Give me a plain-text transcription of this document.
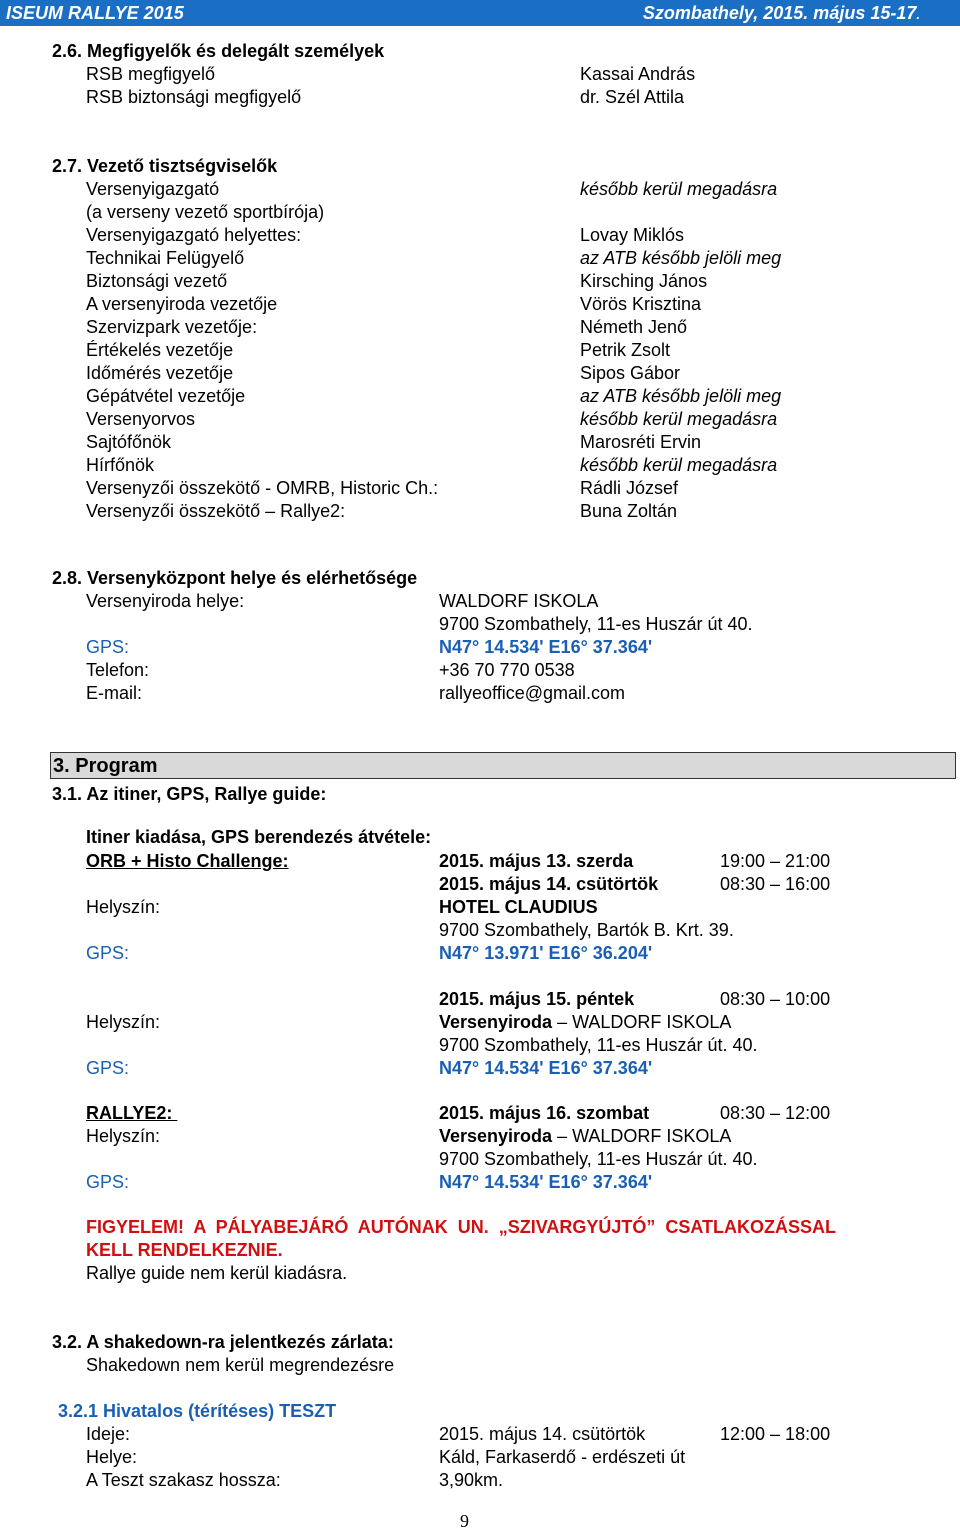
ISEUM RALLYE 2015	Szombathely, 2015. május 15-17.
2.6. Megfigyelők és delegált személyek
RSB megfigyelő	Kassai András
RSB biztonsági megfigyelő	dr. Szél Attila
2.7. Vezető tisztségviselők
Versenyigazgató	később kerül megadásra
(a verseny vezető sportbírója)
Versenyigazgató helyettes:	Lovay Miklós
Technikai Felügyelő	az ATB később jelöli meg
Biztonsági vezető	Kirsching János
A versenyiroda vezetője	Vörös Krisztina
Szervizpark vezetője:	Németh Jenő
Értékelés vezetője	Petrik Zsolt
Időmérés vezetője	Sipos Gábor
Gépátvétel vezetője	az ATB később jelöli meg
Versenyorvos	később kerül megadásra
Sajtófőnök	Marosréti Ervin
Hírfőnök	később kerül megadásra
Versenyzői összekötő - OMRB, Historic Ch.:	Rádli József
Versenyzői összekötő – Rallye2:	Buna Zoltán
2.8. Versenyközpont helye és elérhetősége
Versenyiroda helye:	WALDORF ISKOLA
9700 Szombathely, 11-es Huszár út 40.
GPS:	N47° 14.534' E16° 37.364'
Telefon:	+36 70 770 0538
E-mail:	rallyeoffice@gmail.com
3. Program
3.1. Az itiner, GPS, Rallye guide:
Itiner kiadása, GPS berendezés átvétele:
ORB + Histo Challenge:	2015. május 13. szerda	19:00 – 21:00
2015. május 14. csütörtök	08:30 – 16:00
Helyszín:	HOTEL CLAUDIUS
9700 Szombathely, Bartók B. Krt. 39.
GPS:	N47° 13.971' E16° 36.204'
2015. május 15. péntek	08:30 – 10:00
Helyszín:	Versenyiroda – WALDORF ISKOLA
9700 Szombathely, 11-es Huszár út. 40.
GPS:	N47° 14.534' E16° 37.364'
RALLYE2:	2015. május 16. szombat	08:30 – 12:00
Helyszín:	Versenyiroda – WALDORF ISKOLA
9700 Szombathely, 11-es Huszár út. 40.
GPS:	N47° 14.534' E16° 37.364'
FIGYELEM!  A  PÁLYABEJÁRÓ  AUTÓNAK  UN.  „SZIVARGYÚJTÓ”  CSATLAKOZÁSSAL
KELL RENDELKEZNIE.
Rallye guide nem kerül kiadásra.
3.2. A shakedown-ra jelentkezés zárlata:
Shakedown nem kerül megrendezésre
3.2.1 Hivatalos (térítéses) TESZT
Ideje:	2015. május 14. csütörtök	12:00 – 18:00
Helye:	Káld, Farkaserdő - erdészeti út
A Teszt szakasz hossza:	3,90km.
9
